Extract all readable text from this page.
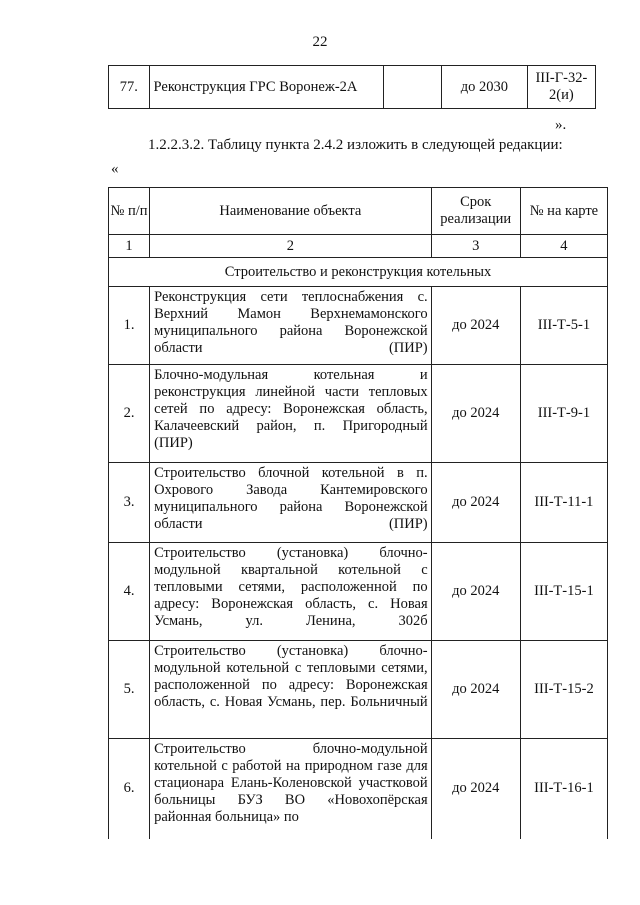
22
77.	Реконструкция ГРС Воронеж-2А		до 2030	III-Г-32-2(и)
».
1.2.2.3.2. Таблицу пункта 2.4.2 изложить в следующей редакции:
«
№ п/п	Наименование объекта	Срок реализации	№ на карте
1	2	3	4
Строительство и реконструкция котельных			
1.	Реконструкция сети теплоснабжения с. Верхний Мамон Верхнемамонского муниципального района Воронежской области (ПИР)	до 2024	III-Т-5-1
2.	Блочно-модульная котельная и реконструкция линейной части тепловых сетей по адресу: Воронежская область, Калачеевский район, п. Пригородный (ПИР)	до 2024	III-Т-9-1
3.	Строительство блочной котельной в п. Охрового Завода Кантемировского муниципального района Воронежской области (ПИР)	до 2024	III-Т-11-1
4.	Строительство (установка) блочно-модульной квартальной котельной с тепловыми сетями, расположенной по адресу: Воронежская область, с. Новая Усмань, ул. Ленина, 302б	до 2024	III-Т-15-1
5.	Строительство (установка) блочно-модульной котельной с тепловыми сетями, расположенной по адресу: Воронежская область, с. Новая Усмань, пер. Больничный	до 2024	III-Т-15-2
6.	Строительство блочно-модульной котельной с работой на природном газе для стационара Елань-Коленовской участковой больницы БУЗ ВО «Новохопёрская районная больница» по	до 2024	III-Т-16-1
